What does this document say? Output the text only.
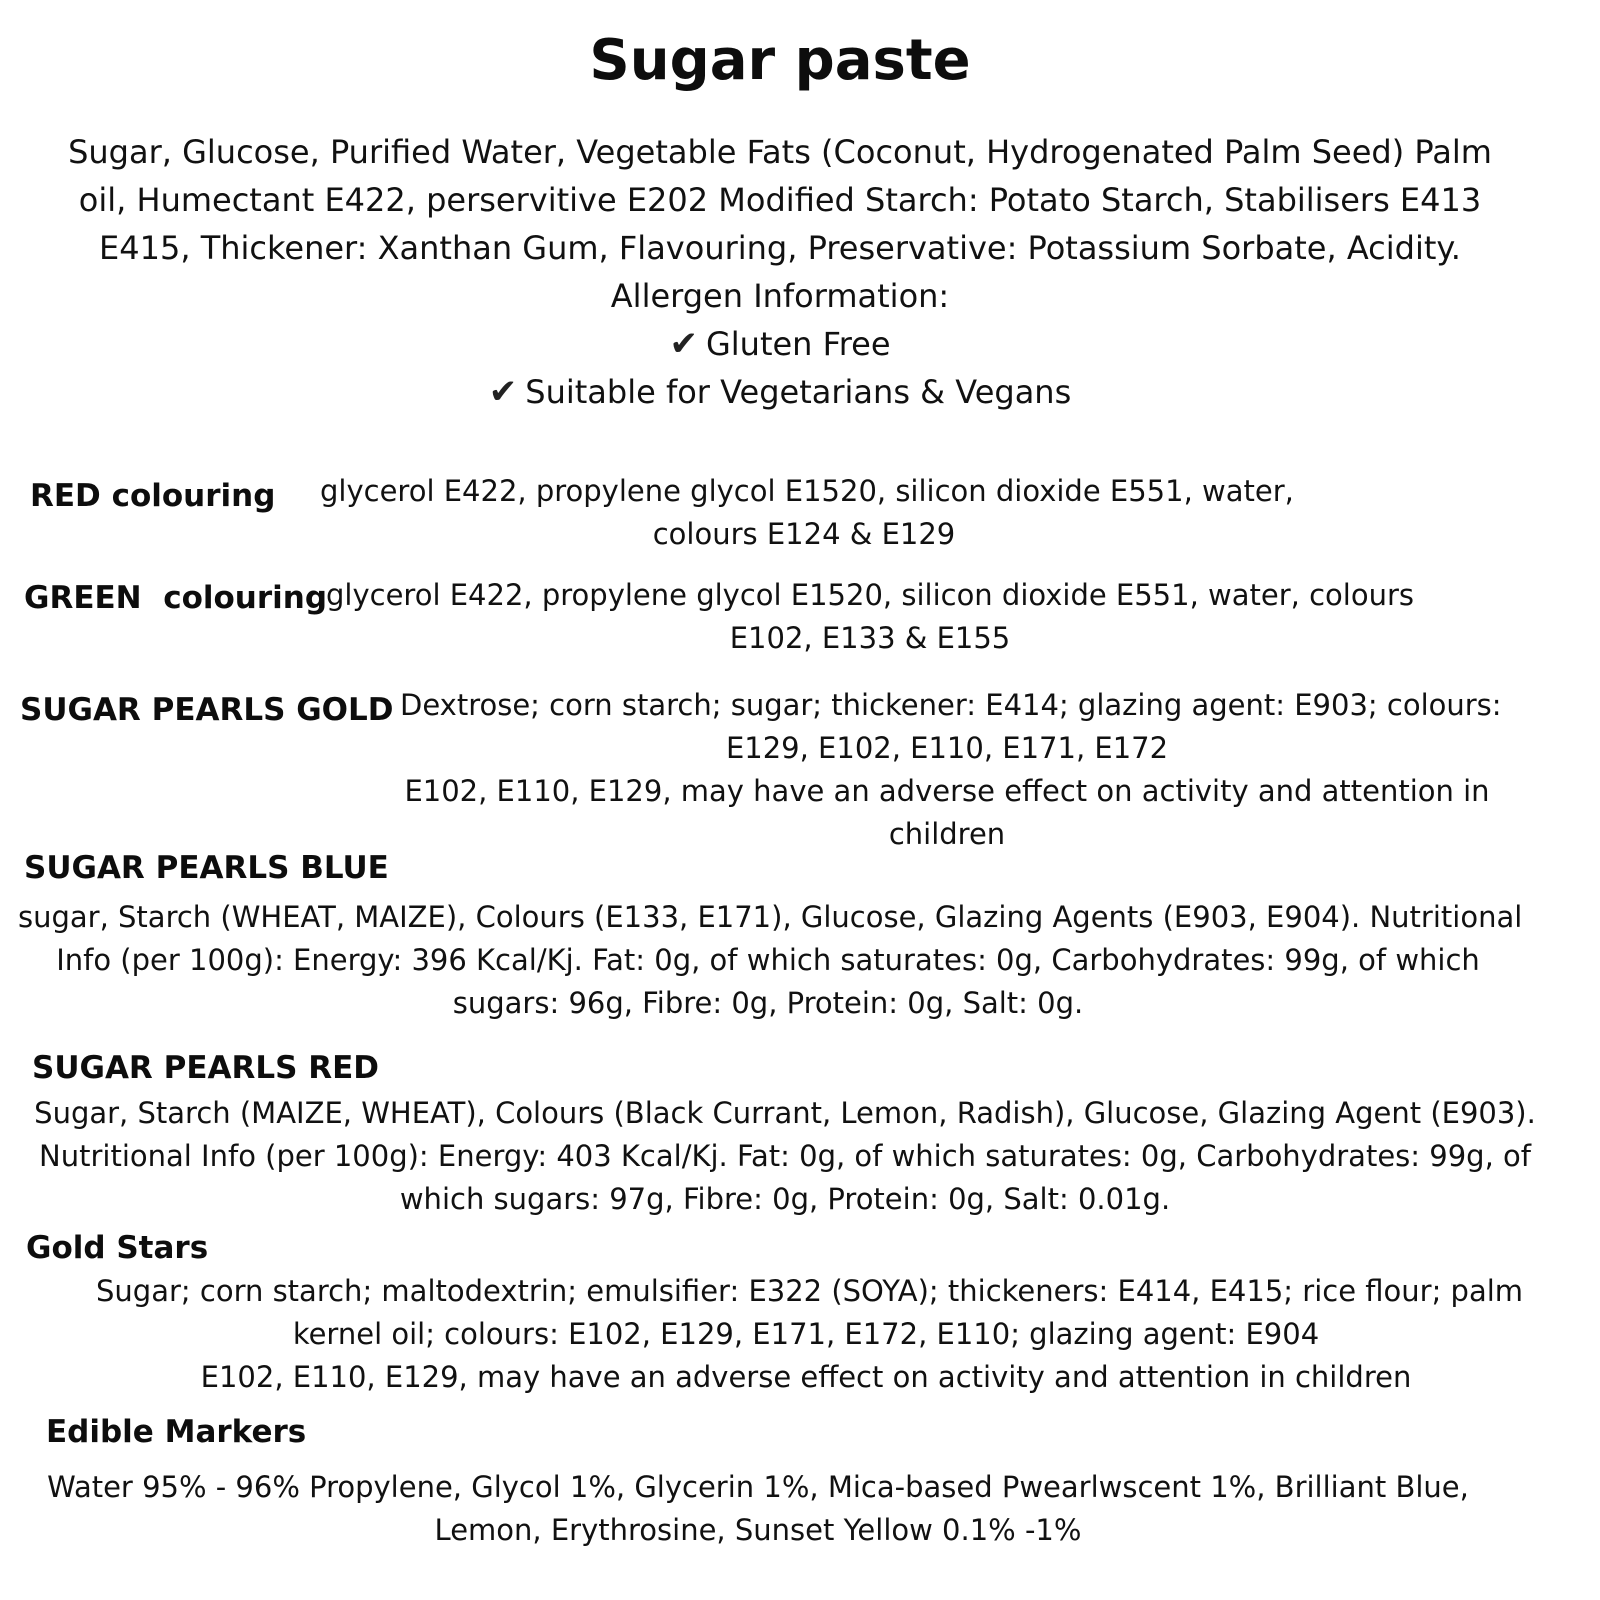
Sugar paste
Sugar, Glucose, Purified Water, Vegetable Fats (Coconut, Hydrogenated Palm Seed) Palm
oil, Humectant E422, perservitive E202 Modified Starch: Potato Starch, Stabilisers E413
E415, Thickener: Xanthan Gum, Flavouring, Preservative: Potassium Sorbate, Acidity.
Allergen Information:
✔ Gluten Free
✔ Suitable for Vegetarians & Vegans
RED colouring glycerol E422, propylene glycol E1520, silicon dioxide E551, water,
colours E124 & E129
GREEN  colouring
glycerol E422, propylene glycol E1520, silicon dioxide E551, water, colours
E102, E133 & E155
SUGAR PEARLS GOLD Dextrose; corn starch; sugar; thickener: E414; glazing agent: E903; colours:
E129, E102, E110, E171, E172
E102, E110, E129, may have an adverse effect on activity and attention in
children
SUGAR PEARLS BLUE
sugar, Starch (WHEAT, MAIZE), Colours (E133, E171), Glucose, Glazing Agents (E903, E904). Nutritional
Info (per 100g): Energy: 396 Kcal/Kj. Fat: 0g, of which saturates: 0g, Carbohydrates: 99g, of which
sugars: 96g, Fibre: 0g, Protein: 0g, Salt: 0g.
SUGAR PEARLS RED
Sugar, Starch (MAIZE, WHEAT), Colours (Black Currant, Lemon, Radish), Glucose, Glazing Agent (E903).
Nutritional Info (per 100g): Energy: 403 Kcal/Kj. Fat: 0g, of which saturates: 0g, Carbohydrates: 99g, of
which sugars: 97g, Fibre: 0g, Protein: 0g, Salt: 0.01g.
Gold Stars
Sugar; corn starch; maltodextrin; emulsifier: E322 (SOYA); thickeners: E414, E415; rice flour; palm
kernel oil; colours: E102, E129, E171, E172, E110; glazing agent: E904
E102, E110, E129, may have an adverse effect on activity and attention in children
Edible Markers
Water 95% - 96% Propylene, Glycol 1%, Glycerin 1%, Mica-based Pwearlwscent 1%, Brilliant Blue,
Lemon, Erythrosine, Sunset Yellow 0.1% -1%
